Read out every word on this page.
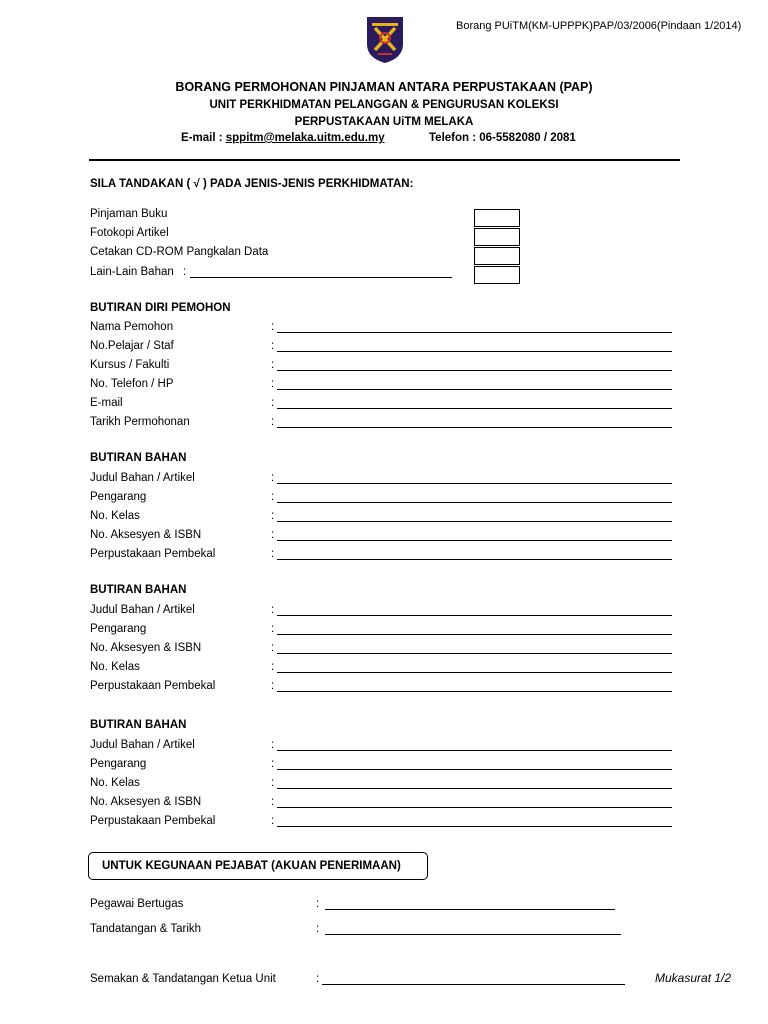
Borang PUiTM(KM-UPPPK)PAP/03/2006(Pindaan 1/2014)
BORANG PERMOHONAN PINJAMAN ANTARA PERPUSTAKAAN (PAP)
UNIT PERKHIDMATAN PELANGGAN & PENGURUSAN KOLEKSI
PERPUSTAKAAN UiTM MELAKA
E-mail : sppitm@melaka.uitm.edu.my	Telefon : 06-5582080 / 2081
SILA TANDAKAN ( √ ) PADA JENIS-JENIS PERKHIDMATAN:
Pinjaman Buku
Fotokopi Artikel
Cetakan CD-ROM Pangkalan Data
Lain-Lain Bahan :
BUTIRAN DIRI PEMOHON
Nama Pemohon	:
No.Pelajar / Staf	:
Kursus / Fakulti	:
No. Telefon / HP	:
E-mail	:
Tarikh Permohonan	:
BUTIRAN BAHAN
Judul Bahan / Artikel	:
Pengarang	:
No. Kelas	:
No. Aksesyen & ISBN	:
Perpustakaan Pembekal	:
BUTIRAN BAHAN
Judul Bahan / Artikel	:
Pengarang	:
No. Aksesyen & ISBN	:
No. Kelas	:
Perpustakaan Pembekal	:
BUTIRAN BAHAN
Judul Bahan / Artikel	:
Pengarang	:
No. Kelas	:
No. Aksesyen & ISBN	:
Perpustakaan Pembekal	:
UNTUK KEGUNAAN PEJABAT (AKUAN PENERIMAAN)
Pegawai Bertugas	:
Tandatangan & Tarikh	:
Semakan & Tandatangan Ketua Unit	:	Mukasurat 1/2
